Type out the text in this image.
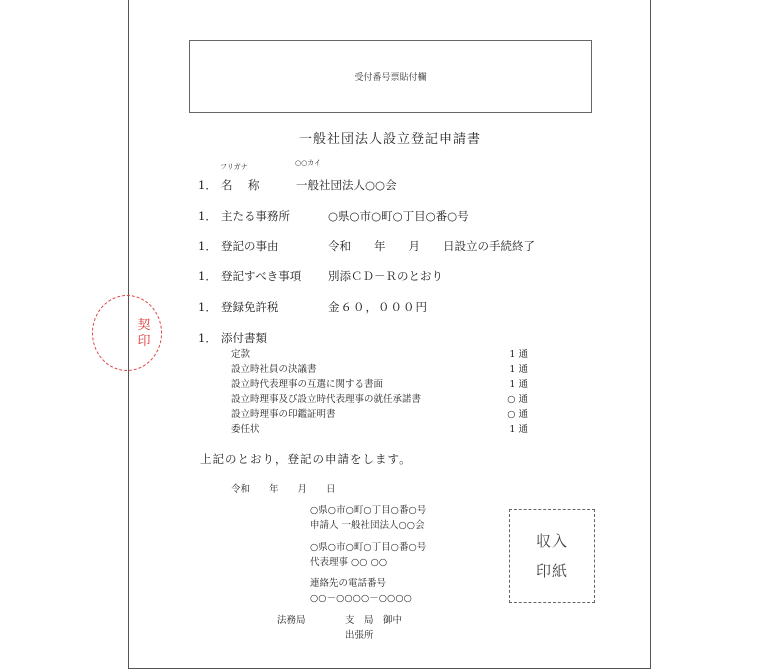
契印
受付番号票貼付欄
一般社団法人設立登記申請書
フリガナ	○○カイ
1． 名　称	一般社団法人○○会
1． 主たる事務所	○県○市○町○丁目○番○号
1． 登記の事由	令和　　年　　月　　日設立の手続終了
1． 登記すべき事項 別添ＣＤ－Ｒのとおり
1． 登録免許税	金６０，０００円
1． 添付書類
定款	1 通
設立時社員の決議書	1 通
設立時代表理事の互選に関する書面	1 通
設立時理事及び設立時代表理事の就任承諾書	○ 通
設立時理事の印鑑証明書	○ 通
委任状	1 通
上記のとおり，登記の申請をします。
令和　　年　　月　　日
○県○市○町○丁目○番○号
申請人 一般社団法人○○会
○県○市○町○丁目○番○号
代表理事 ○○ ○○
連絡先の電話番号
○○－○○○○－○○○○
法務局	支　局　御中
出張所
収入
印紙
